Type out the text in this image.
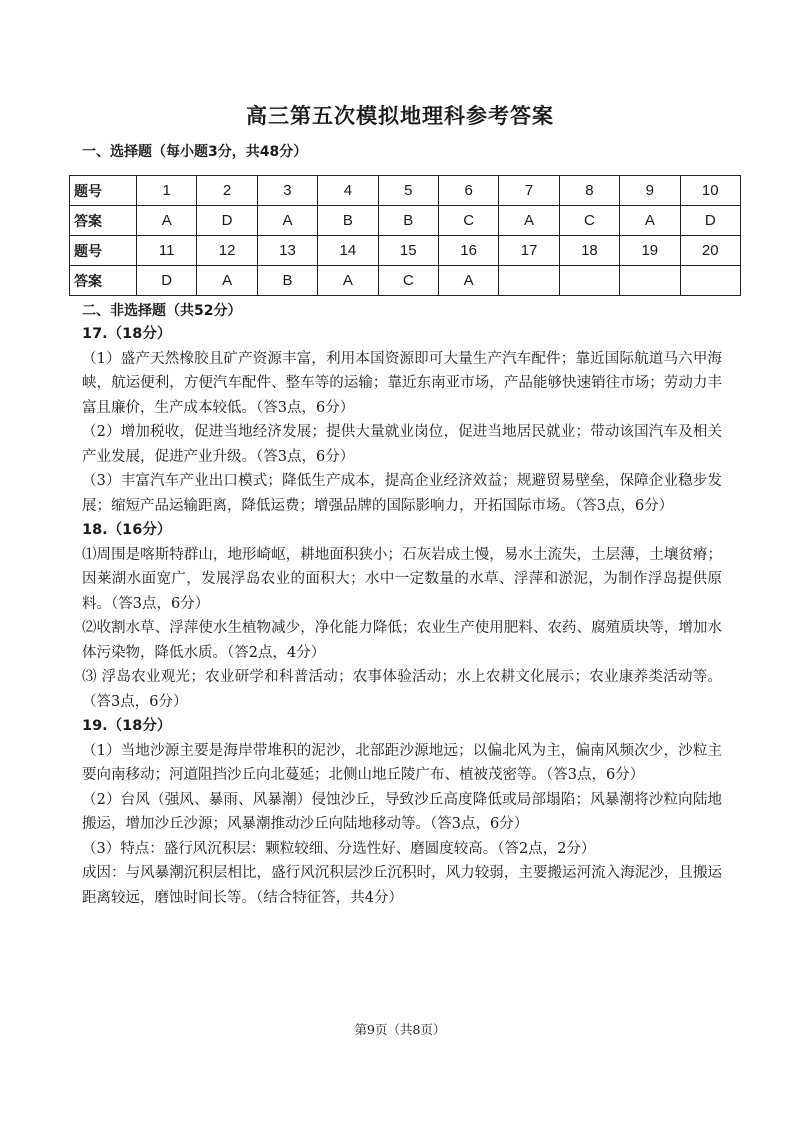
高三第五次模拟地理科参考答案
一、选择题（每小题3分，共48分）
题号	1	2	3	4	5	6	7	8	9	10
答案	A	D	A	B	B	C	A	C	A	D
题号	11	12	13	14	15	16	17	18	19	20
答案	D	A	B	A	C	A				
二、非选择题（共52分）
17.（18分）

（1）盛产天然橡胶且矿产资源丰富，利用本国资源即可大量生产汽车配件；靠近国际航道马六甲海峡，航运便利，方便汽车配件、整车等的运输；靠近东南亚市场，产品能够快速销往市场；劳动力丰富且廉价，生产成本较低。（答3点，6分）

（2）增加税收，促进当地经济发展；提供大量就业岗位，促进当地居民就业；带动该国汽车及相关产业发展，促进产业升级。（答3点，6分）

（3）丰富汽车产业出口模式；降低生产成本，提高企业经济效益；规避贸易壁垒，保障企业稳步发展；缩短产品运输距离，降低运费；增强品牌的国际影响力，开拓国际市场。（答3点，6分）

18.（16分）

⑴周围是喀斯特群山，地形崎岖，耕地面积狭小；石灰岩成土慢，易水土流失，土层薄，土壤贫瘠；因莱湖水面宽广，发展浮岛农业的面积大；水中一定数量的水草、浮萍和淤泥，为制作浮岛提供原料。（答3点，6分）

⑵收割水草、浮萍使水生植物减少，净化能力降低；农业生产使用肥料、农药、腐殖质块等，增加水体污染物，降低水质。（答2点，4分）

⑶ 浮岛农业观光；农业研学和科普活动；农事体验活动；水上农耕文化展示；农业康养类活动等。（答3点，6分）

19.（18分）

（1）当地沙源主要是海岸带堆积的泥沙，北部距沙源地远；以偏北风为主，偏南风频次少，沙粒主要向南移动；河道阻挡沙丘向北蔓延；北侧山地丘陵广布、植被茂密等。（答3点，6分）

（2）台风（强风、暴雨、风暴潮）侵蚀沙丘，导致沙丘高度降低或局部塌陷；风暴潮将沙粒向陆地搬运，增加沙丘沙源；风暴潮推动沙丘向陆地移动等。（答3点，6分）

（3）特点：盛行风沉积层：颗粒较细、分选性好、磨圆度较高。（答2点，2分）

成因：与风暴潮沉积层相比，盛行风沉积层沙丘沉积时，风力较弱，主要搬运河流入海泥沙，且搬运距离较远，磨蚀时间长等。（结合特征答，共4分）

第9页（共8页）
